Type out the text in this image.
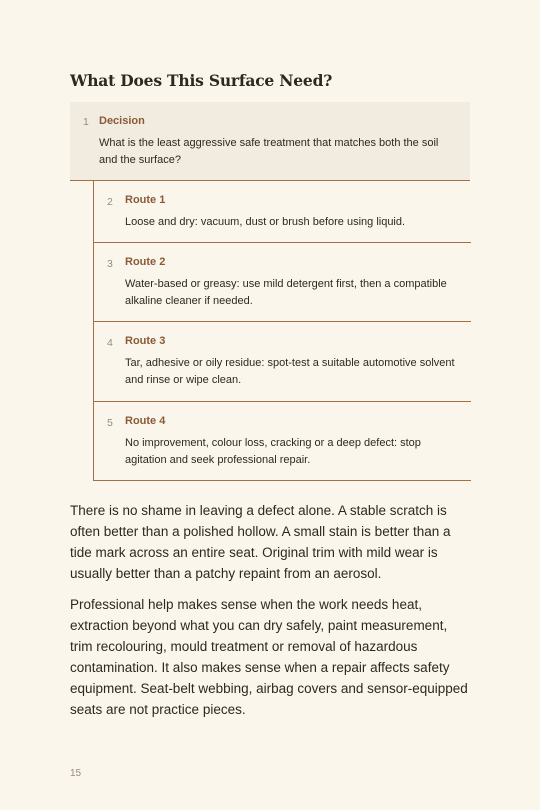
What Does This Surface Need?
1 Decision
What is the least aggressive safe treatment that matches both the soil and the surface?
2 Route 1
Loose and dry: vacuum, dust or brush before using liquid.
3 Route 2
Water-based or greasy: use mild detergent first, then a compatible alkaline cleaner if needed.
4 Route 3
Tar, adhesive or oily residue: spot-test a suitable automotive solvent and rinse or wipe clean.
5 Route 4
No improvement, colour loss, cracking or a deep defect: stop agitation and seek professional repair.

There is no shame in leaving a defect alone. A stable scratch is often better than a polished hollow. A small stain is better than a tide mark across an entire seat. Original trim with mild wear is usually better than a patchy repaint from an aerosol.

Professional help makes sense when the work needs heat, extraction beyond what you can dry safely, paint measurement, trim recolouring, mould treatment or removal of hazardous contamination. It also makes sense when a repair affects safety equipment. Seat-belt webbing, airbag covers and sensor-equipped seats are not practice pieces.

15
